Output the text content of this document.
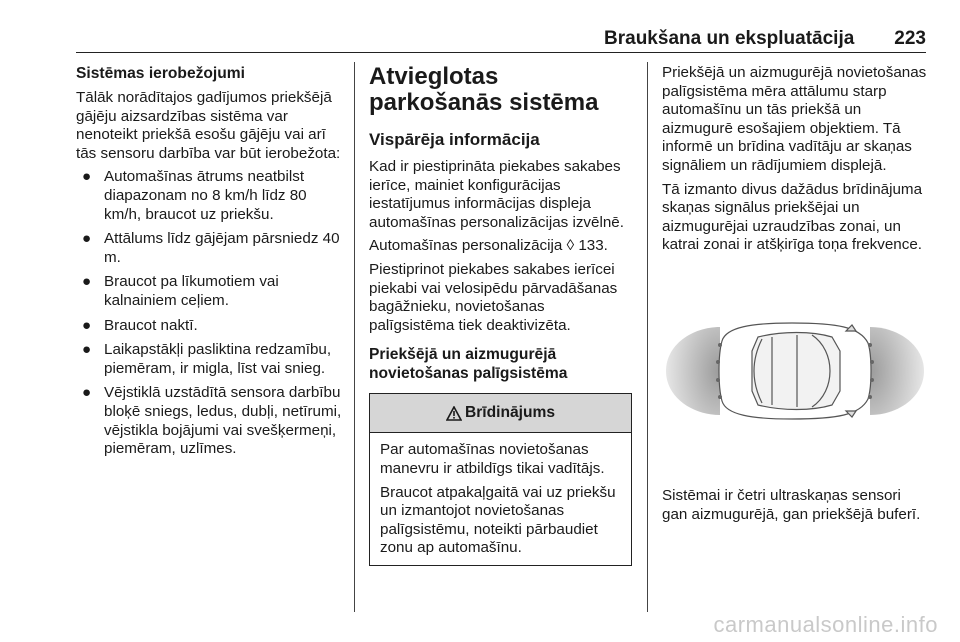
Braukšana un ekspluatācija 223
Sistēmas ierobežojumi

Tālāk norādītajos gadījumos priekšējā gājēju aizsardzības sistēma var nenoteikt priekšā esošu gājēju vai arī tās sensoru darbība var būt ierobežota:

● Automašīnas ātrums neatbilst diapazonam no 8 km/h līdz 80 km/h, braucot uz priekšu.
● Attālums līdz gājējam pārsniedz 40 m.
● Braucot pa līkumotiem vai kalnainiem ceļiem.
● Braucot naktī.
● Laikapstākļi pasliktina redzamību, piemēram, ir migla, līst vai snieg.
● Vējstiklā uzstādītā sensora darbību bloķē sniegs, ledus, dubļi, netīrumi, vējstikla bojājumi vai svešķermeņi, piemēram, uzlīmes.
Atvieglotas parkošanās sistēma
Vispārēja informācija

Kad ir piestiprināta piekabes sakabes ierīce, mainiet konfigurācijas iestatījumus informācijas displeja automašīnas personalizācijas izvēlnē.

Automašīnas personalizācija ◊ 133.

Piestiprinot piekabes sakabes ierīcei piekabi vai velosipēdu pārvadāšanas bagāžnieku, novietošanas palīgsistēma tiek deaktivizēta.

Priekšējā un aizmugurējā novietošanas palīgsistēma
Brīdinājums

Par automašīnas novietošanas manevru ir atbildīgs tikai vadītājs.

Braucot atpakaļgaitā vai uz priekšu un izmantojot novietošanas palīgsistēmu, noteikti pārbaudiet zonu ap automašīnu.

Priekšējā un aizmugurējā novietošanas palīgsistēma mēra attālumu starp automašīnu un tās priekšā un aizmugurē esošajiem objektiem. Tā informē un brīdina vadītāju ar skaņas signāliem un rādījumiem displejā.

Tā izmanto divus dažādus brīdinājuma skaņas signālus priekšējai un aizmugurējai uzraudzības zonai, un katrai zonai ir atšķirīga toņa frekvence.

Sistēmai ir četri ultraskaņas sensori gan aizmugurējā, gan priekšējā buferī.

carmanualsonline.info
